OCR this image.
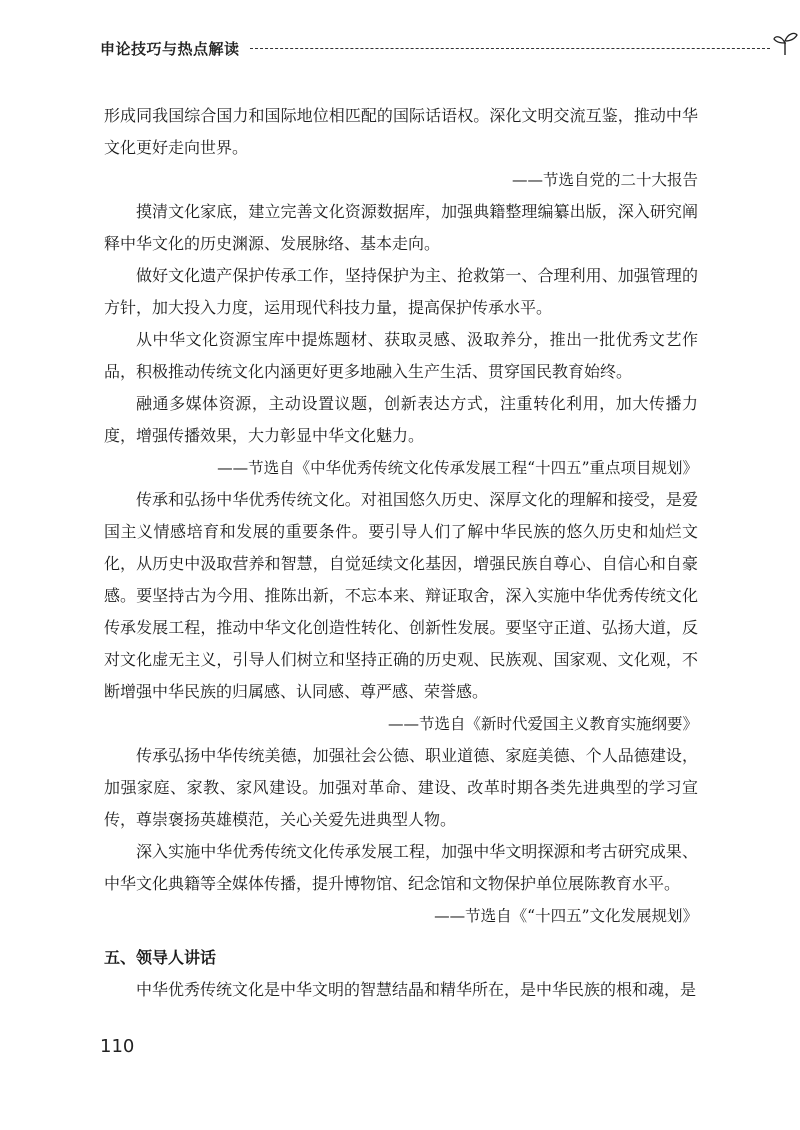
申论技巧与热点解读

形成同我国综合国力和国际地位相匹配的国际话语权。深化文明交流互鉴，推动中华文化更好走向世界。

——节选自党的二十大报告

摸清文化家底，建立完善文化资源数据库，加强典籍整理编纂出版，深入研究阐释中华文化的历史渊源、发展脉络、基本走向。

做好文化遗产保护传承工作，坚持保护为主、抢救第一、合理利用、加强管理的方针，加大投入力度，运用现代科技力量，提高保护传承水平。

从中华文化资源宝库中提炼题材、获取灵感、汲取养分，推出一批优秀文艺作品，积极推动传统文化内涵更好更多地融入生产生活、贯穿国民教育始终。

融通多媒体资源，主动设置议题，创新表达方式，注重转化利用，加大传播力度，增强传播效果，大力彰显中华文化魅力。

——节选自《中华优秀传统文化传承发展工程“十四五”重点项目规划》

传承和弘扬中华优秀传统文化。对祖国悠久历史、深厚文化的理解和接受，是爱国主义情感培育和发展的重要条件。要引导人们了解中华民族的悠久历史和灿烂文化，从历史中汲取营养和智慧，自觉延续文化基因，增强民族自尊心、自信心和自豪感。要坚持古为今用、推陈出新，不忘本来、辩证取舍，深入实施中华优秀传统文化传承发展工程，推动中华文化创造性转化、创新性发展。要坚守正道、弘扬大道，反对文化虚无主义，引导人们树立和坚持正确的历史观、民族观、国家观、文化观，不断增强中华民族的归属感、认同感、尊严感、荣誉感。

——节选自《新时代爱国主义教育实施纲要》

传承弘扬中华传统美德，加强社会公德、职业道德、家庭美德、个人品德建设，加强家庭、家教、家风建设。加强对革命、建设、改革时期各类先进典型的学习宣传，尊崇褒扬英雄模范，关心关爱先进典型人物。

深入实施中华优秀传统文化传承发展工程，加强中华文明探源和考古研究成果、中华文化典籍等全媒体传播，提升博物馆、纪念馆和文物保护单位展陈教育水平。

——节选自《“十四五”文化发展规划》

五、领导人讲话

中华优秀传统文化是中华文明的智慧结晶和精华所在，是中华民族的根和魂，是

110
